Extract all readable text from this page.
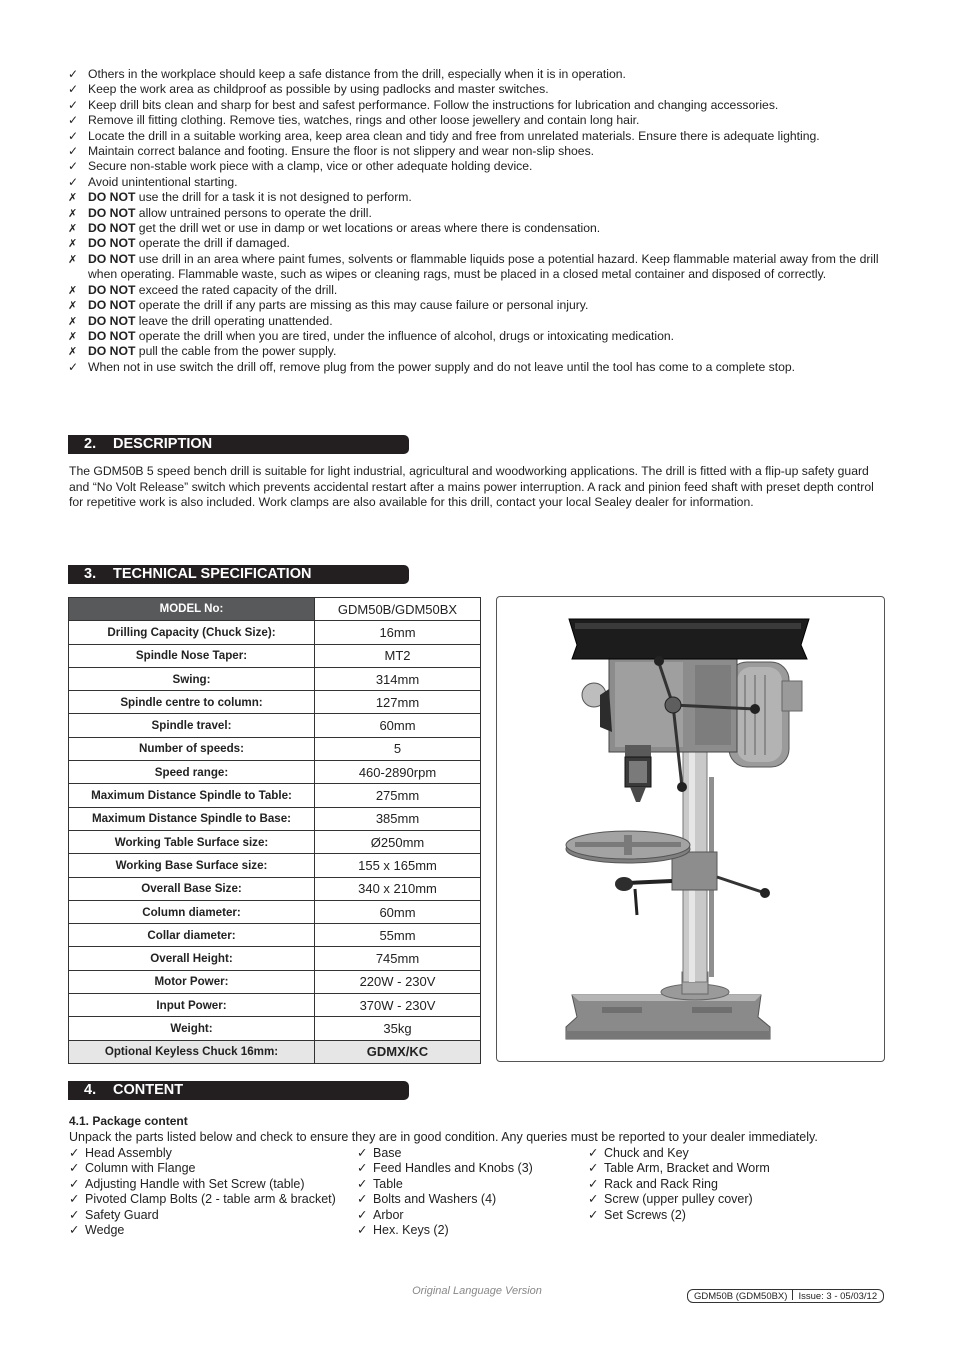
✓ Others in the workplace should keep a safe distance from the drill, especially when it is in operation.
✓ Keep the work area as childproof as possible by using padlocks and master switches.
✓ Keep drill bits clean and sharp for best and safest performance. Follow the instructions for lubrication and changing accessories.
✓ Remove ill fitting clothing. Remove ties, watches, rings and other loose jewellery and contain long hair.
✓ Locate the drill in a suitable working area, keep area clean and tidy and free from unrelated materials. Ensure there is adequate lighting.
✓ Maintain correct balance and footing. Ensure the floor is not slippery and wear non-slip shoes.
✓ Secure non-stable work piece with a clamp, vice or other adequate holding device.
✓ Avoid unintentional starting.
✗ DO NOT use the drill for a task it is not designed to perform.
✗ DO NOT allow untrained persons to operate the drill.
✗ DO NOT get the drill wet or use in damp or wet locations or areas where there is condensation.
✗ DO NOT operate the drill if damaged.
✗ DO NOT use drill in an area where paint fumes, solvents or flammable liquids pose a potential hazard. Keep flammable material away from the drill when operating. Flammable waste, such as wipes or cleaning rags, must be placed in a closed metal container and disposed of correctly.
✗ DO NOT exceed the rated capacity of the drill.
✗ DO NOT operate the drill if any parts are missing as this may cause failure or personal injury.
✗ DO NOT leave the drill operating unattended.
✗ DO NOT operate the drill when you are tired, under the influence of alcohol, drugs or intoxicating medication.
✗ DO NOT pull the cable from the power supply.
✓ When not in use switch the drill off, remove plug from the power supply and do not leave until the tool has come to a complete stop.
2. DESCRIPTION

The GDM50B 5 speed bench drill is suitable for light industrial, agricultural and woodworking applications. The drill is fitted with a flip-up safety guard and “No Volt Release” switch which prevents accidental restart after a mains power interruption. A rack and pinion feed shaft with preset depth control for repetitive work is also included. Work clamps are also available for this drill, contact your local Sealey dealer for information.

3. TECHNICAL SPECIFICATION
MODEL No:	GDM50B/GDM50BX
Drilling Capacity (Chuck Size):	16mm
Spindle Nose Taper:	MT2
Swing:	314mm
Spindle centre to column:	127mm
Spindle travel:	60mm
Number of speeds:	5
Speed range:	460-2890rpm
Maximum Distance Spindle to Table:	275mm
Maximum Distance Spindle to Base:	385mm
Working Table Surface size:	Ø250mm
Working Base Surface size:	155 x 165mm
Overall Base Size:	340 x 210mm
Column diameter:	60mm
Collar diameter:	55mm
Overall Height:	745mm
Motor Power:	220W - 230V
Input Power:	370W - 230V
Weight:	35kg
Optional Keyless Chuck 16mm:	GDMX/KC
4. CONTENT
4.1. Package content
Unpack the parts listed below and check to ensure they are in good condition. Any queries must be reported to your dealer immediately.
✓ Head Assembly
✓ Column with Flange
✓ Adjusting Handle with Set Screw (table)
✓ Pivoted Clamp Bolts (2 - table arm & bracket)
✓ Safety Guard
✓ Wedge
✓ Base
✓ Feed Handles and Knobs (3)
✓ Table
✓ Bolts and Washers (4)
✓ Arbor
✓ Hex. Keys (2)
✓ Chuck and Key
✓ Table Arm, Bracket and Worm
✓ Rack and Rack Ring
✓ Screw (upper pulley cover)
✓ Set Screws (2)
Original Language Version	GDM50B (GDM50BX) Issue: 3 - 05/03/12
